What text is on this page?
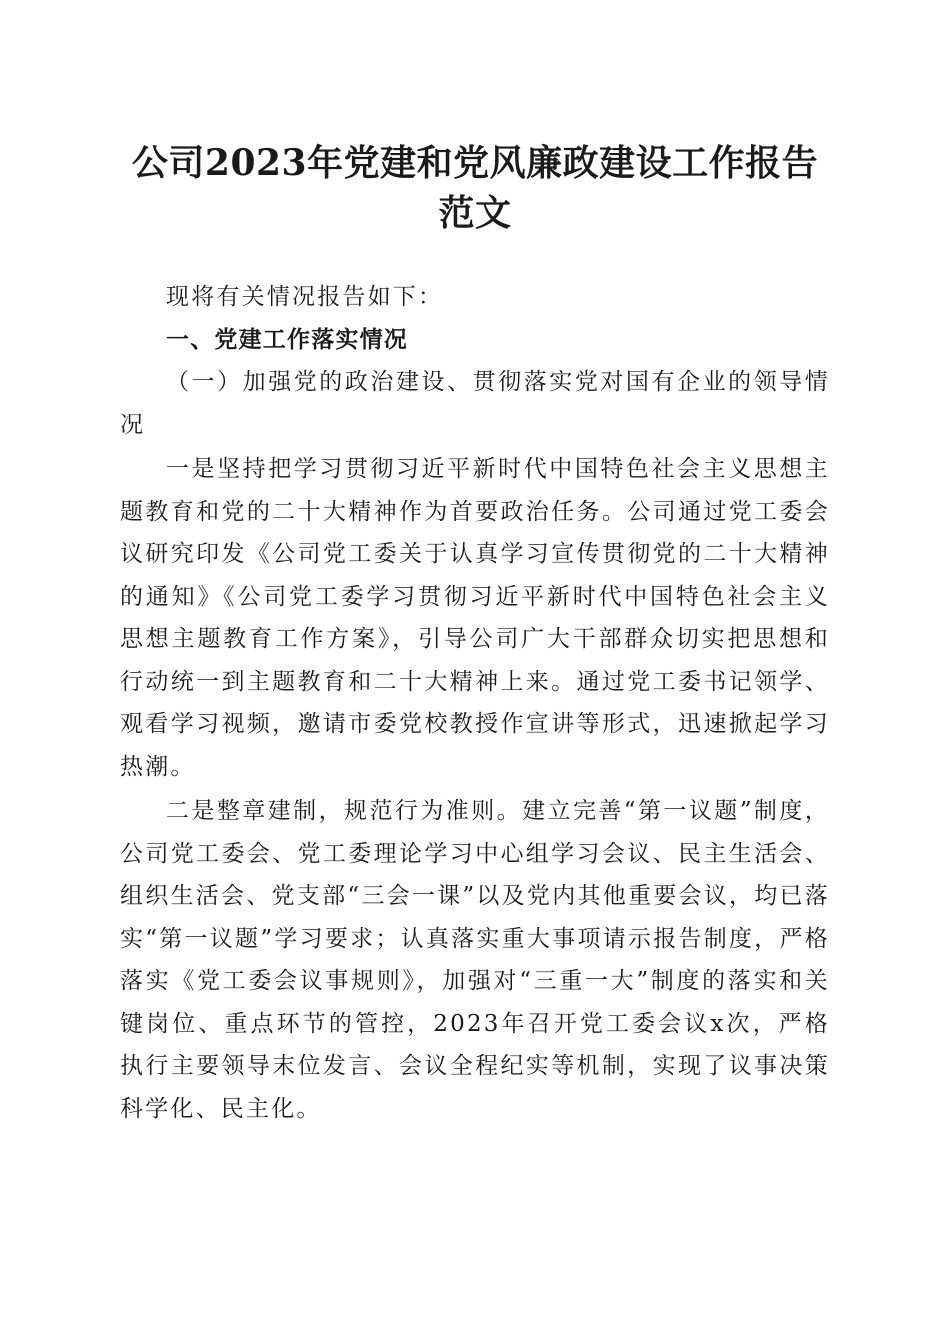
公司2023年党建和党风廉政建设工作报告范文

现将有关情况报告如下：

一、党建工作落实情况

（一）加强党的政治建设、贯彻落实党对国有企业的领导情况

一是坚持把学习贯彻习近平新时代中国特色社会主义思想主题教育和党的二十大精神作为首要政治任务。公司通过党工委会议研究印发《公司党工委关于认真学习宣传贯彻党的二十大精神的通知》《公司党工委学习贯彻习近平新时代中国特色社会主义思想主题教育工作方案》，引导公司广大干部群众切实把思想和行动统一到主题教育和二十大精神上来。通过党工委书记领学、观看学习视频，邀请市委党校教授作宣讲等形式，迅速掀起学习热潮。

二是整章建制，规范行为准则。建立完善“第一议题”制度，公司党工委会、党工委理论学习中心组学习会议、民主生活会、组织生活会、党支部“三会一课”以及党内其他重要会议，均已落实“第一议题”学习要求；认真落实重大事项请示报告制度，严格落实《党工委会议事规则》，加强对“三重一大”制度的落实和关键岗位、重点环节的管控，2023年召开党工委会议x次，严格执行主要领导末位发言、会议全程纪实等机制，实现了议事决策科学化、民主化。
